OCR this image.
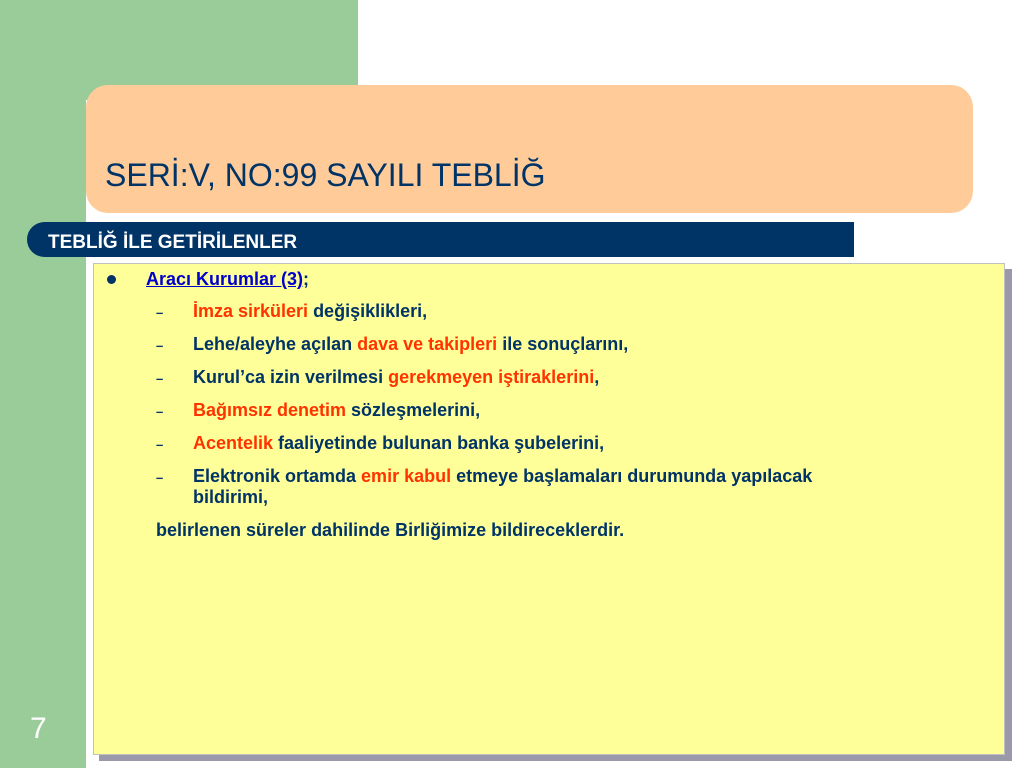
SERİ:V, NO:99 SAYILI TEBLİĞ
TEBLİĞ İLE GETİRİLENLER
Aracı Kurumlar (3);
– İmza sirküleri değişiklikleri,
– Lehe/aleyhe açılan dava ve takipleri ile sonuçlarını,
– Kurul’ca izin verilmesi gerekmeyen iştiraklerini,
– Bağımsız denetim sözleşmelerini,
– Acentelik faaliyetinde bulunan banka şubelerini,
– Elektronik ortamda emir kabul etmeye başlamaları durumunda yapılacak
bildirimi,
belirlenen süreler dahilinde Birliğimize bildireceklerdir.
7
